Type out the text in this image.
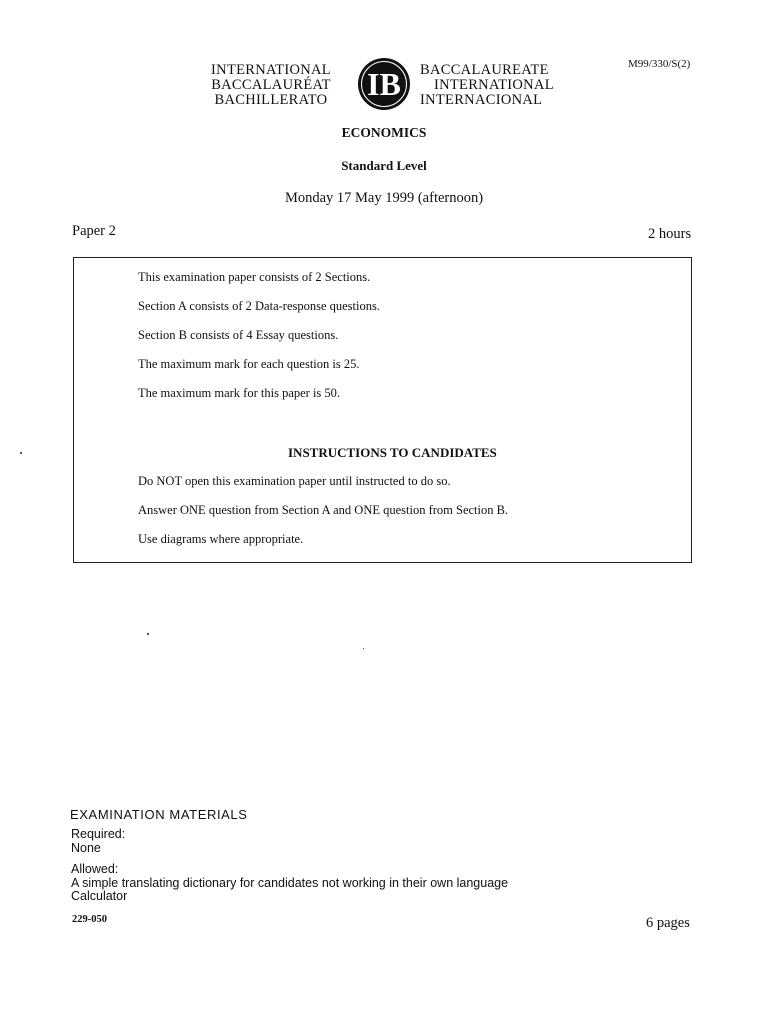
INTERNATIONAL
BACCALAURÉAT
BACHILLERATO	IB BACCALAUREATE
INTERNATIONAL
INTERNACIONAL
M99/330/S(2)
ECONOMICS
Standard Level
Monday 17 May 1999 (afternoon)
Paper 2	2 hours
This examination paper consists of 2 Sections.
Section A consists of 2 Data-response questions.
Section B consists of 4 Essay questions.
The maximum mark for each question is 25.
The maximum mark for this paper is 50.
INSTRUCTIONS TO CANDIDATES
Do NOT open this examination paper until instructed to do so.
Answer ONE question from Section A and ONE question from Section B.
Use diagrams where appropriate.
EXAMINATION MATERIALS
Required:
None
Allowed:
A simple translating dictionary for candidates not working in their own language
Calculator
229-050	6 pages
